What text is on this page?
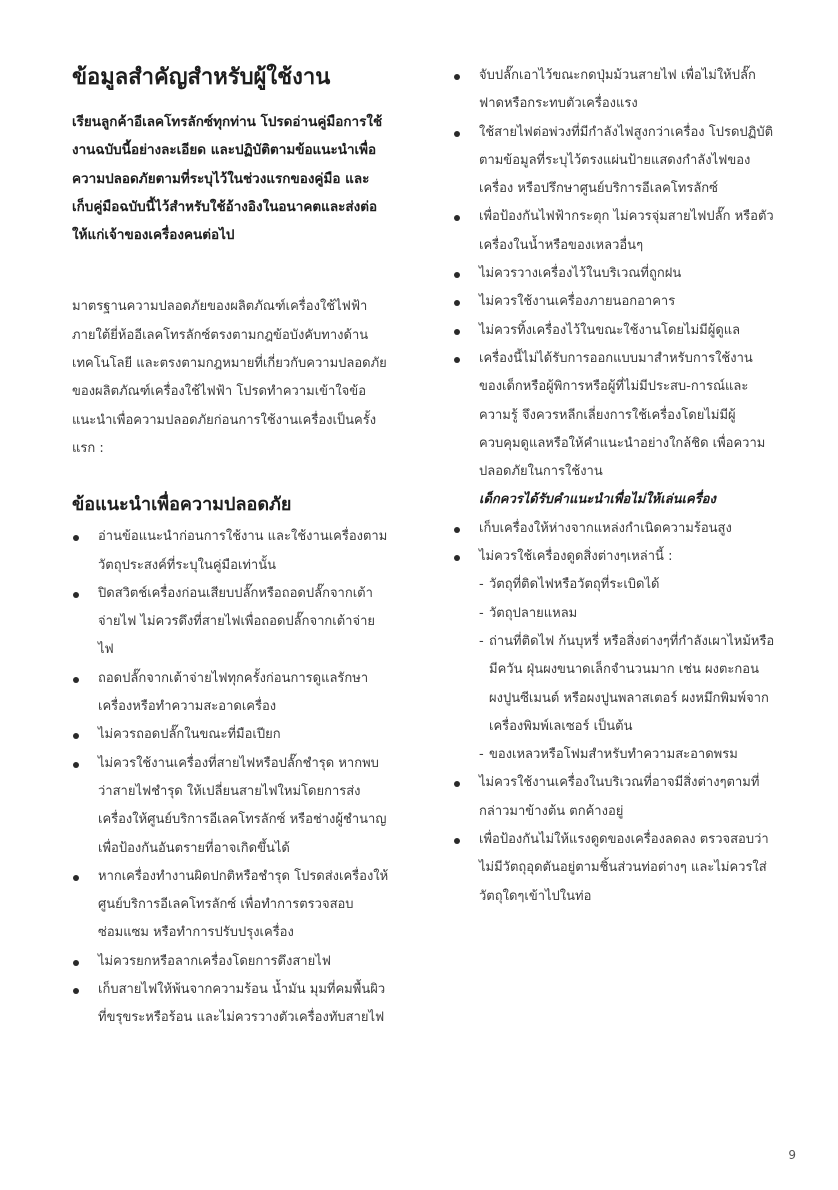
ข้อมูลสำคัญสำหรับผู้ใช้งาน

เรียนลูกค้าอีเลคโทรลักซ์ทุกท่าน โปรดอ่านคู่มือการใช้งานฉบับนี้อย่างละเอียด และปฏิบัติตามข้อแนะนำเพื่อความปลอดภัยตามที่ระบุไว้ในช่วงแรกของคู่มือ และเก็บคู่มือฉบับนี้ไว้สำหรับใช้อ้างอิงในอนาคตและส่งต่อให้แก่เจ้าของเครื่องคนต่อไป

มาตรฐานความปลอดภัยของผลิตภัณฑ์เครื่องใช้ไฟฟ้าภายใต้ยี่ห้ออีเลคโทรลักซ์ตรงตามกฎข้อบังคับทางด้านเทคโนโลยี และตรงตามกฎหมายที่เกี่ยวกับความปลอดภัยของผลิตภัณฑ์เครื่องใช้ไฟฟ้า โปรดทำความเข้าใจข้อแนะนำเพื่อความปลอดภัยก่อนการใช้งานเครื่องเป็นครั้งแรก :

ข้อแนะนำเพื่อความปลอดภัย
อ่านข้อแนะนำก่อนการใช้งาน และใช้งานเครื่องตามวัตถุประสงค์ที่ระบุในคู่มือเท่านั้น
ปิดสวิตช์เครื่องก่อนเสียบปลั๊กหรือถอดปลั๊กจากเต้าจ่ายไฟ ไม่ควรดึงที่สายไฟเพื่อถอดปลั๊กจากเต้าจ่ายไฟ
ถอดปลั๊กจากเต้าจ่ายไฟทุกครั้งก่อนการดูแลรักษาเครื่องหรือทำความสะอาดเครื่อง
ไม่ควรถอดปลั๊กในขณะที่มือเปียก
ไม่ควรใช้งานเครื่องที่สายไฟหรือปลั๊กชำรุด หากพบว่าสายไฟชำรุด ให้เปลี่ยนสายไฟใหม่โดยการส่งเครื่องให้ศูนย์บริการอีเลคโทรลักซ์ หรือช่างผู้ชำนาญ เพื่อป้องกันอันตรายที่อาจเกิดขึ้นได้
หากเครื่องทำงานผิดปกติหรือชำรุด โปรดส่งเครื่องให้ศูนย์บริการอีเลคโทรลักซ์ เพื่อทำการตรวจสอบ ซ่อมแซม หรือทำการปรับปรุงเครื่อง
ไม่ควรยกหรือลากเครื่องโดยการดึงสายไฟ
เก็บสายไฟให้พ้นจากความร้อน น้ำมัน มุมที่คมพื้นผิวที่ขรุขระหรือร้อน และไม่ควรวางตัวเครื่องทับสายไฟ
จับปลั๊กเอาไว้ขณะกดปุ่มม้วนสายไฟ เพื่อไม่ให้ปลั๊กฟาดหรือกระทบตัวเครื่องแรง
ใช้สายไฟต่อพ่วงที่มีกำลังไฟสูงกว่าเครื่อง โปรดปฏิบัติตามข้อมูลที่ระบุไว้ตรงแผ่นป้ายแสดงกำลังไฟของเครื่อง หรือปรึกษาศูนย์บริการอีเลคโทรลักซ์
เพื่อป้องกันไฟฟ้ากระตุก ไม่ควรจุ่มสายไฟปลั๊ก หรือตัวเครื่องในน้ำหรือของเหลวอื่นๆ
ไม่ควรวางเครื่องไว้ในบริเวณที่ถูกฝน
ไม่ควรใช้งานเครื่องภายนอกอาคาร
ไม่ควรทิ้งเครื่องไว้ในขณะใช้งานโดยไม่มีผู้ดูแล
เครื่องนี้ไม่ได้รับการออกแบบมาสำหรับการใช้งานของเด็กหรือผู้พิการหรือผู้ที่ไม่มีประสบ-การณ์และความรู้ จึงควรหลีกเลี่ยงการใช้เครื่องโดยไม่มีผู้ควบคุมดูแลหรือให้คำแนะนำอย่างใกล้ชิด เพื่อความปลอดภัยในการใช้งาน
เด็กควรได้รับคำแนะนำเพื่อไม่ให้เล่นเครื่อง
เก็บเครื่องให้ห่างจากแหล่งกำเนิดความร้อนสูง
ไม่ควรใช้เครื่องดูดสิ่งต่างๆเหล่านี้ :
- วัตถุที่ติดไฟหรือวัตถุที่ระเบิดได้
- วัตถุปลายแหลม
- ถ่านที่ติดไฟ ก้นบุหรี่ หรือสิ่งต่างๆที่กำลังเผาไหม้หรือมีควัน ฝุ่นผงขนาดเล็กจำนวนมาก เช่น ผงตะกอน ผงปูนซีเมนต์ หรือผงปูนพลาสเตอร์ ผงหมึกพิมพ์จากเครื่องพิมพ์เลเซอร์ เป็นต้น
- ของเหลวหรือโฟมสำหรับทำความสะอาดพรม
ไม่ควรใช้งานเครื่องในบริเวณที่อาจมีสิ่งต่างๆตามที่กล่าวมาข้างต้น ตกค้างอยู่
เพื่อป้องกันไม่ให้แรงดูดของเครื่องลดลง ตรวจสอบว่าไม่มีวัตถุอุดตันอยู่ตามชิ้นส่วนท่อต่างๆ และไม่ควรใส่วัตถุใดๆเข้าไปในท่อ
9
